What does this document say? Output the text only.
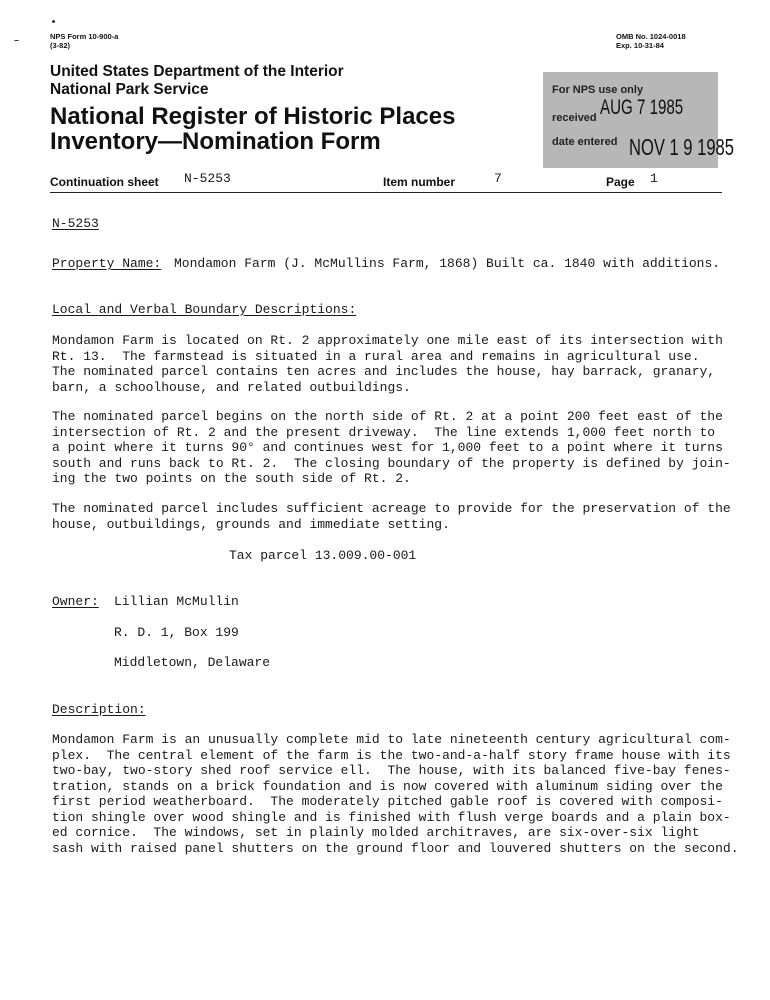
NPS Form 10-900-a
(3-82)
OMB No. 1024-0018
Exp. 10-31-84
United States Department of the Interior
National Park Service
National Register of Historic Places
Inventory—Nomination Form
For NPS use only
received AUG 7 1985
date entered NOV 1 9 1985
Continuation sheet N-5253	Item number	7	Page 1
N-5253
Property Name: Mondamon Farm (J. McMullins Farm, 1868) Built ca. 1840 with additions.
Local and Verbal Boundary Descriptions:
Mondamon Farm is located on Rt. 2 approximately one mile east of its intersection with
Rt. 13.  The farmstead is situated in a rural area and remains in agricultural use.
The nominated parcel contains ten acres and includes the house, hay barrack, granary,
barn, a schoolhouse, and related outbuildings.
The nominated parcel begins on the north side of Rt. 2 at a point 200 feet east of the
intersection of Rt. 2 and the present driveway.  The line extends 1,000 feet north to
a point where it turns 90° and continues west for 1,000 feet to a point where it turns
south and runs back to Rt. 2.  The closing boundary of the property is defined by join-
ing the two points on the south side of Rt. 2.
The nominated parcel includes sufficient acreage to provide for the preservation of the
house, outbuildings, grounds and immediate setting.
Tax parcel 13.009.00-001
Owner: Lillian McMullin
R. D. 1, Box 199
Middletown, Delaware
Description:
Mondamon Farm is an unusually complete mid to late nineteenth century agricultural com-
plex.  The central element of the farm is the two-and-a-half story frame house with its
two-bay, two-story shed roof service ell.  The house, with its balanced five-bay fenes-
tration, stands on a brick foundation and is now covered with aluminum siding over the
first period weatherboard.  The moderately pitched gable roof is covered with composi-
tion shingle over wood shingle and is finished with flush verge boards and a plain box-
ed cornice.  The windows, set in plainly molded architraves, are six-over-six light
sash with raised panel shutters on the ground floor and louvered shutters on the second.
